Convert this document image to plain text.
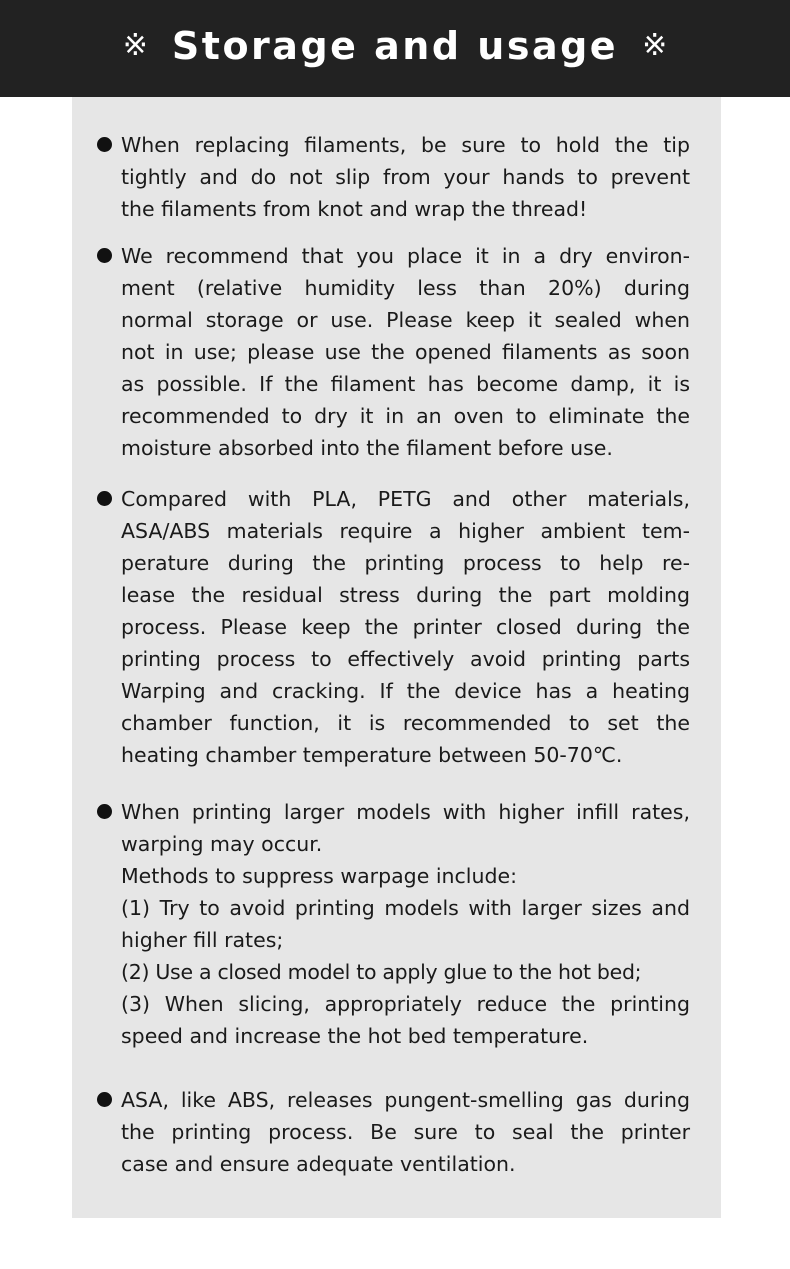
※ Storage and usage ※

When replacing filaments, be sure to hold the tip
tightly and do not slip from your hands to prevent
the filaments from knot and wrap the thread!

We recommend that you place it in a dry environ-
ment (relative humidity less than 20%) during
normal storage or use. Please keep it sealed when
not in use; please use the opened filaments as soon
as possible. If the filament has become damp, it is
recommended to dry it in an oven to eliminate the
moisture absorbed into the filament before use.

Compared with PLA, PETG and other materials,
ASA/ABS materials require a higher ambient tem-
perature during the printing process to help re-
lease the residual stress during the part molding
process. Please keep the printer closed during the
printing process to effectively avoid printing parts
Warping and cracking. If the device has a heating
chamber function, it is recommended to set the
heating chamber temperature between 50-70℃.

When printing larger models with higher infill rates,
warping may occur.
Methods to suppress warpage include:
(1) Try to avoid printing models with larger sizes and
higher fill rates;
(2) Use a closed model to apply glue to the hot bed;
(3) When slicing, appropriately reduce the printing
speed and increase the hot bed temperature.

ASA, like ABS, releases pungent-smelling gas during
the printing process. Be sure to seal the printer
case and ensure adequate ventilation.
